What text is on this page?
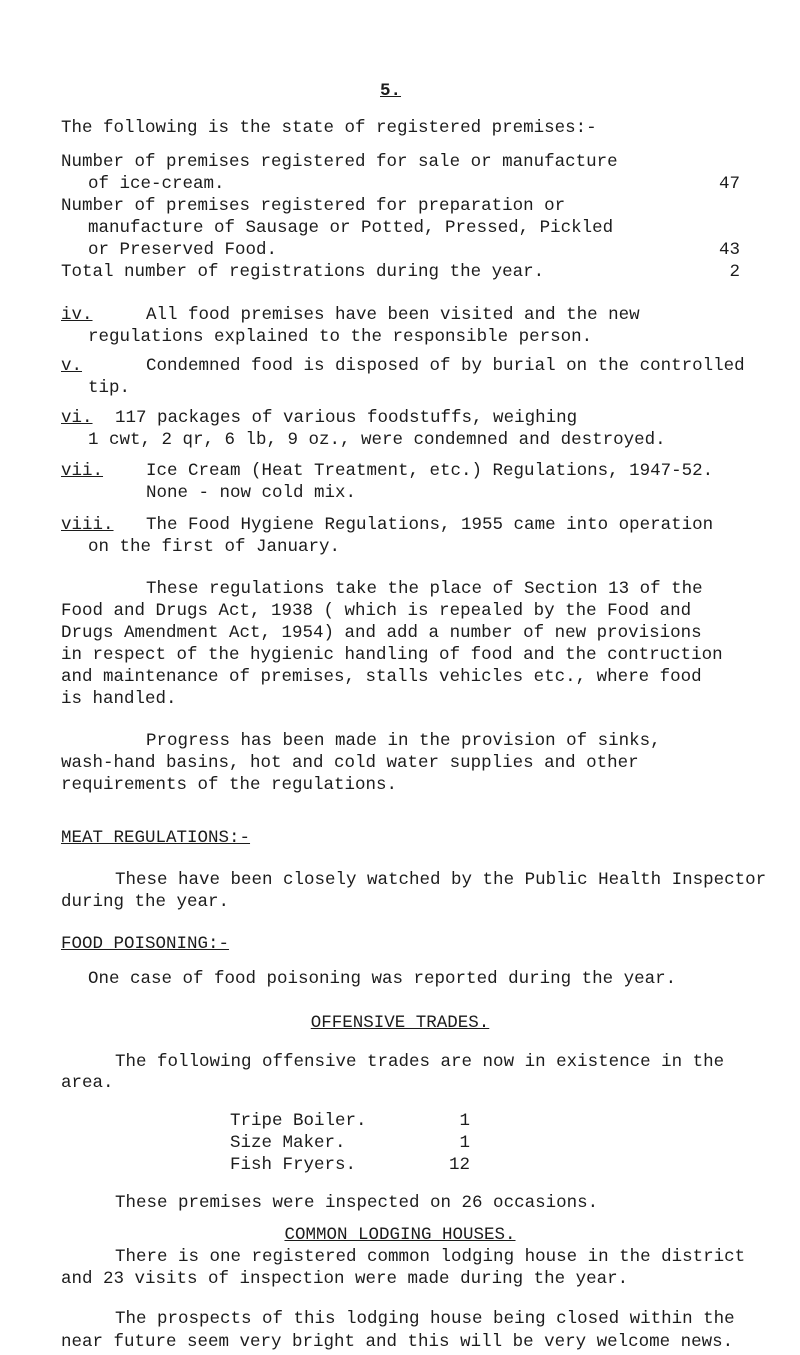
5.
The following is the state of registered premises:-
Number of premises registered for sale or manufacture
of ice-cream.	47
Number of premises registered for preparation or
manufacture of Sausage or Potted, Pressed, Pickled
or Preserved Food.	43
Total number of registrations during the year.	2
iv.	All food premises have been visited and the new
regulations explained to the responsible person.
v.	Condemned food is disposed of by burial on the controlled
tip.
vi. 117 packages of various foodstuffs, weighing
1 cwt, 2 qr, 6 lb, 9 oz., were condemned and destroyed.
vii. Ice Cream (Heat Treatment, etc.) Regulations, 1947-52.
None - now cold mix.
viii. The Food Hygiene Regulations, 1955 came into operation
on the first of January.
These regulations take the place of Section 13 of the
Food and Drugs Act, 1938 ( which is repealed by the Food and
Drugs Amendment Act, 1954) and add a number of new provisions
in respect of the hygienic handling of food and the contruction
and maintenance of premises, stalls vehicles etc., where food
is handled.
Progress has been made in the provision of sinks,
wash-hand basins, hot and cold water supplies and other
requirements of the regulations.
MEAT REGULATIONS:-
These have been closely watched by the Public Health Inspector
during the year.
FOOD POISONING:-
One case of food poisoning was reported during the year.
OFFENSIVE TRADES.
The following offensive trades are now in existence in the
area.
Tripe Boiler.	1
Size Maker.	1
Fish Fryers.	12
These premises were inspected on 26 occasions.
COMMON LODGING HOUSES.
There is one registered common lodging house in the district
and 23 visits of inspection were made during the year.
The prospects of this lodging house being closed within the
near future seem very bright and this will be very welcome news.
